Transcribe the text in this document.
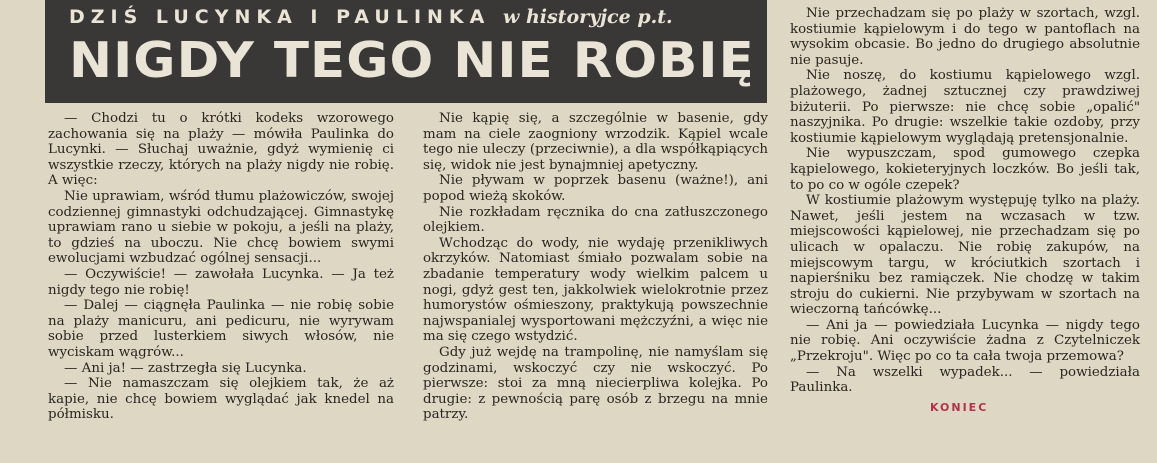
DZIŚ LUCYNKA I PAULINKA w historyjce p.t.
NIGDY TEGO NIE ROBIĘ

— Chodzi tu o krótki kodeks wzorowego zachowania się na plaży — mówiła Paulinka do Lucynki. — Słuchaj uważnie, gdyż wymienię ci wszystkie rzeczy, których na plaży nigdy nie robię. A więc:

Nie uprawiam, wśród tłumu plażowiczów, swojej codziennej gimnastyki odchudzającej. Gimnastykę uprawiam rano u siebie w pokoju, a jeśli na plaży, to gdzieś na uboczu. Nie chcę bowiem swymi ewolucjami wzbudzać ogólnej sensacji...

— Oczywiście! — zawołała Lucynka. — Ja też nigdy tego nie robię!

— Dalej — ciągnęła Paulinka — nie robię sobie na plaży manicuru, ani pedicuru, nie wyrywam sobie przed lusterkiem siwych włosów, nie wyciskam wągrów...

— Ani ja! — zastrzegła się Lucynka.

— Nie namaszczam się olejkiem tak, że aż kapie, nie chcę bowiem wyglądać jak knedel na półmisku.

Nie kąpię się, a szczególnie w basenie, gdy mam na ciele zaogniony wrzodzik. Kąpiel wcale tego nie uleczy (przeciwnie), a dla współkąpiących się, widok nie jest bynajmniej apetyczny.

Nie pływam w poprzek basenu (ważne!), ani popod wieżą skoków.

Nie rozkładam ręcznika do cna zatłuszczonego olejkiem.

Wchodząc do wody, nie wydaję przenikliwych okrzyków. Natomiast śmiało pozwalam sobie na zbadanie temperatury wody wielkim palcem u nogi, gdyż gest ten, jakkolwiek wielokrotnie przez humorystów ośmieszony, praktykują powszechnie najwspanialej wysportowani mężczyźni, a więc nie ma się czego wstydzić.

Gdy już wejdę na trampolinę, nie namyślam się godzinami, wskoczyć czy nie wskoczyć. Po pierwsze: stoi za mną niecierpliwa kolejka. Po drugie: z pewnością parę osób z brzegu na mnie patrzy.

Nie przechadzam się po plaży w szortach, wzgl. kostiumie kąpielowym i do tego w pantoflach na wysokim obcasie. Bo jedno do drugiego absolutnie nie pasuje.

Nie noszę, do kostiumu kąpielowego wzgl. plażowego, żadnej sztucznej czy prawdziwej biżuterii. Po pierwsze: nie chcę sobie „opalić" naszyjnika. Po drugie: wszelkie takie ozdoby, przy kostiumie kąpielowym wyglądają pretensjonalnie.

Nie wypuszczam, spod gumowego czepka kąpielowego, kokieteryjnych loczków. Bo jeśli tak, to po co w ogóle czepek?

W kostiumie plażowym występuję tylko na plaży. Nawet, jeśli jestem na wczasach w tzw. miejscowości kąpielowej, nie przechadzam się po ulicach w opalaczu. Nie robię zakupów, na miejscowym targu, w króciutkich szortach i napierśniku bez ramiączek. Nie chodzę w takim stroju do cukierni. Nie przybywam w szortach na wieczorną tańcówkę...

— Ani ja — powiedziała Lucynka — nigdy tego nie robię. Ani oczywiście żadna z Czytelniczek „Przekroju". Więc po co ta cała twoja przemowa?

— Na wszelki wypadek... — powiedziała Paulinka.

KONIEC
